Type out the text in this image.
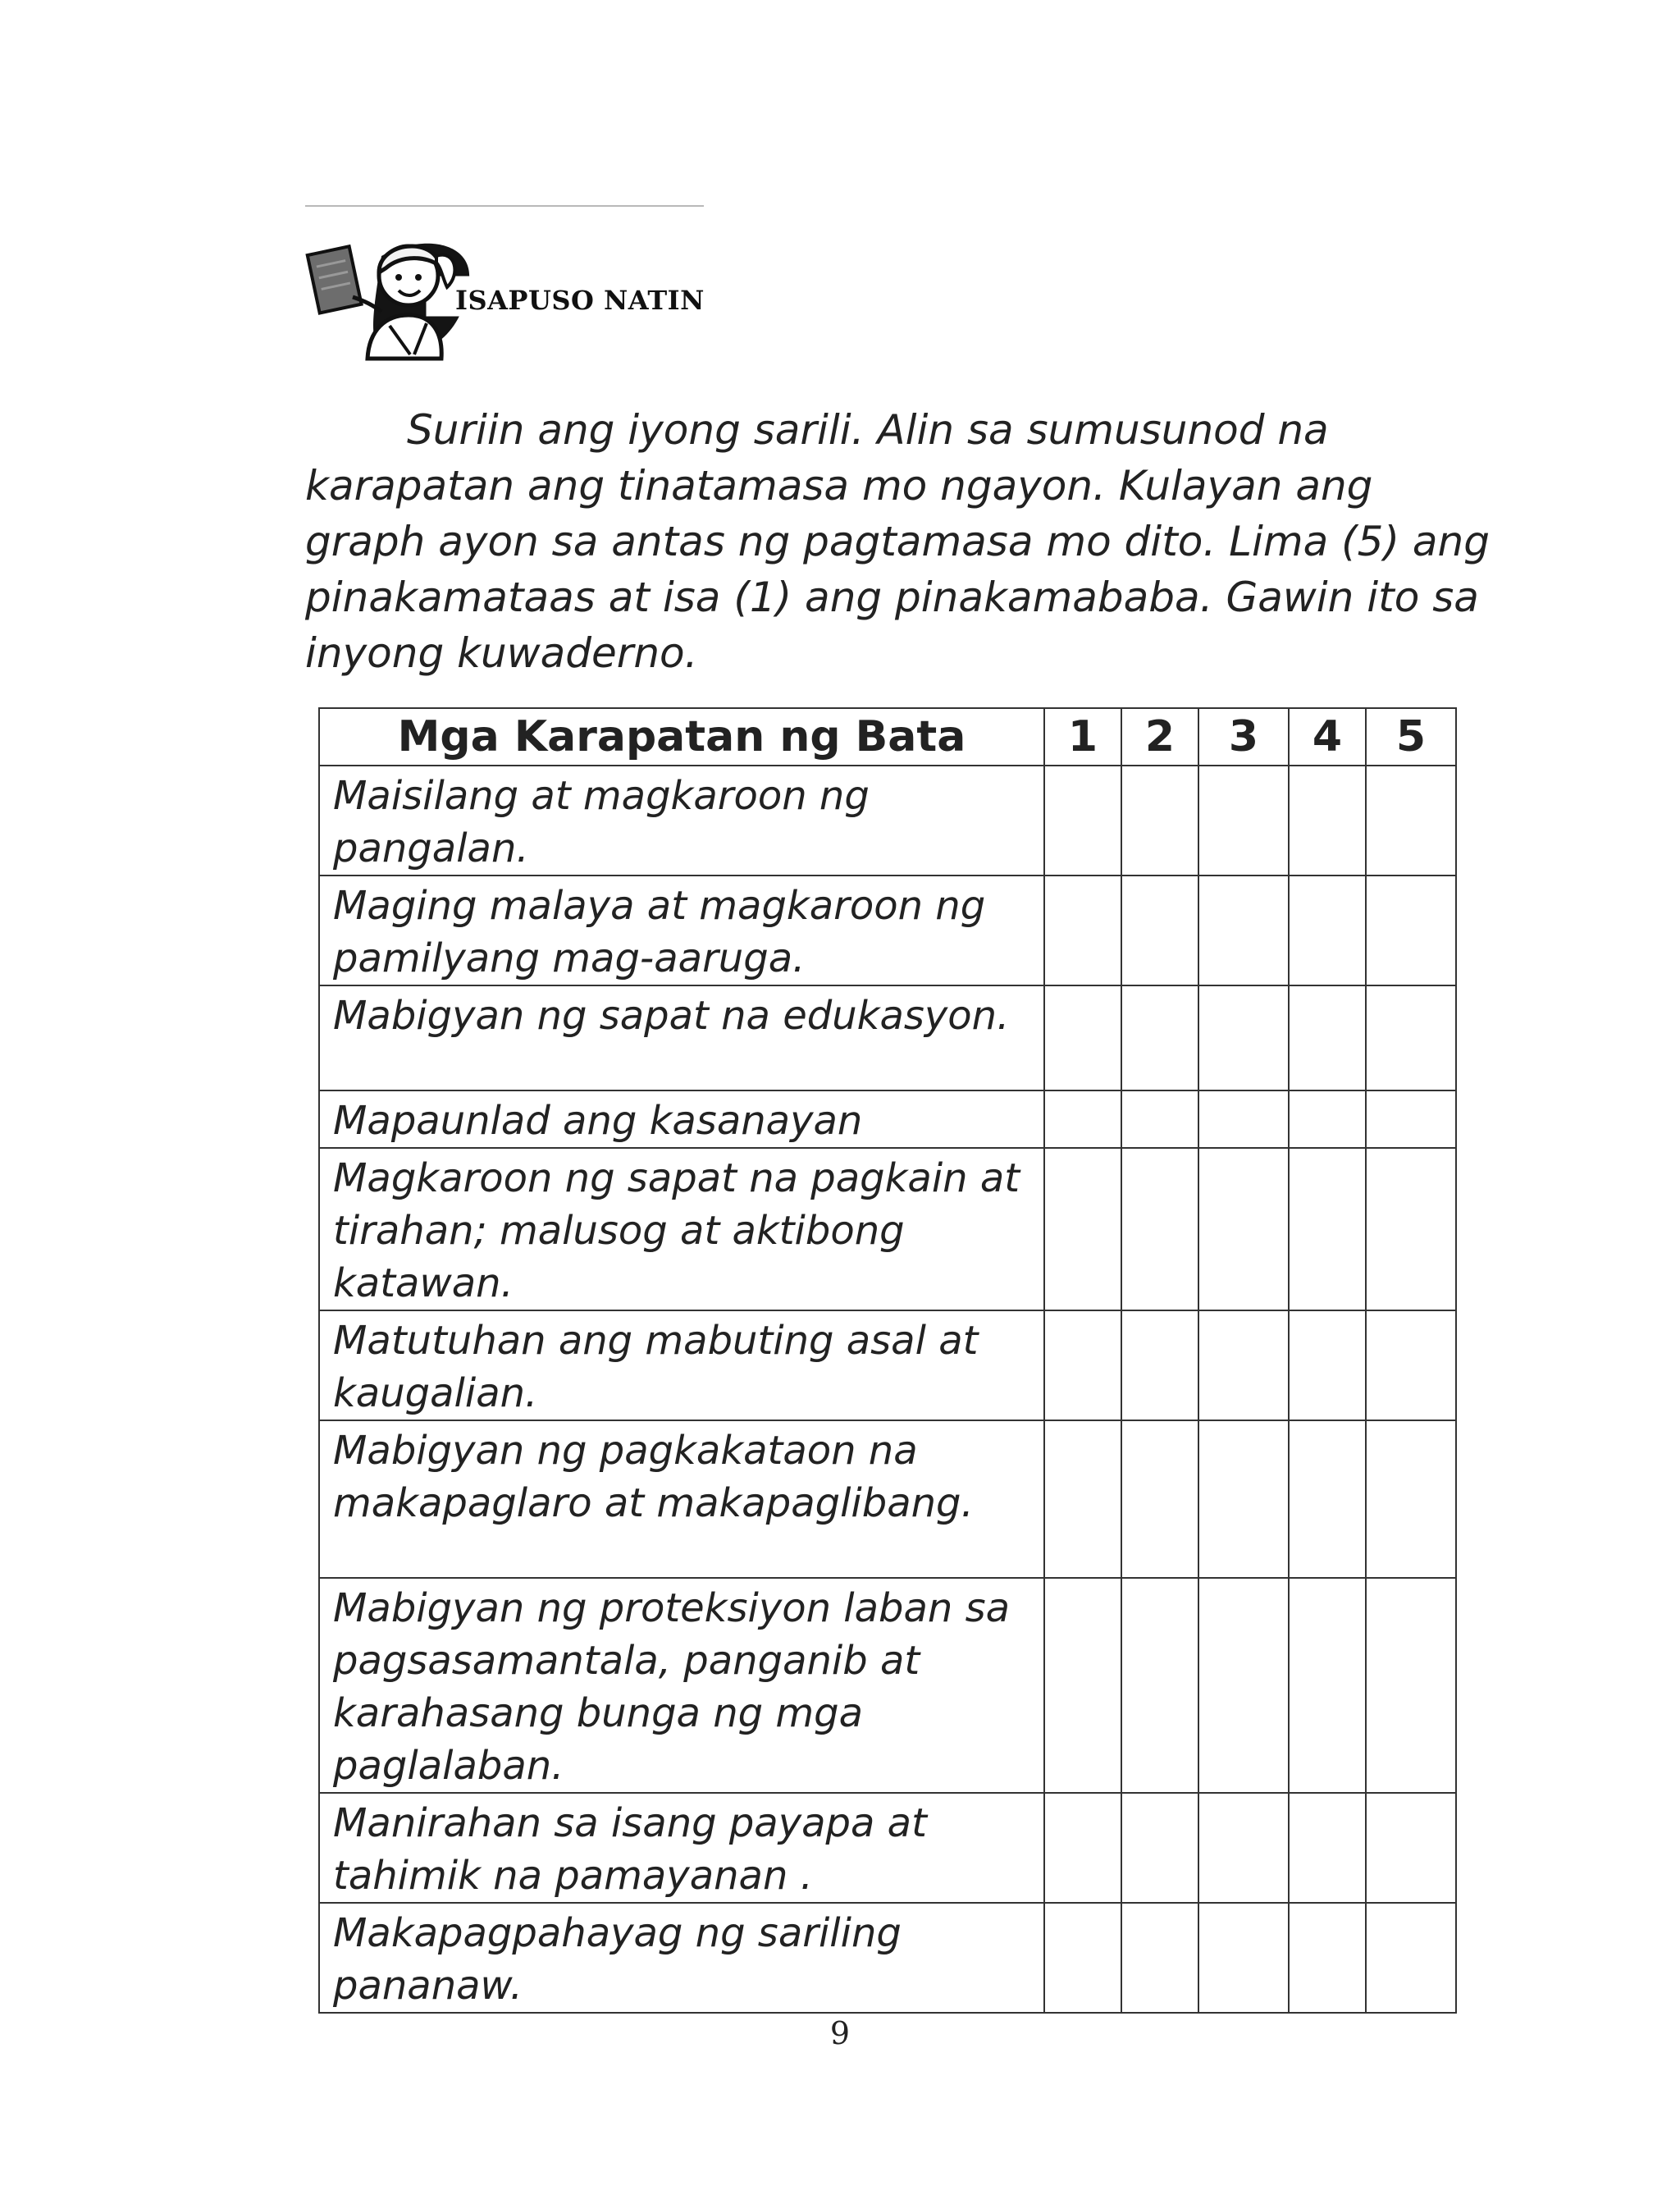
ISAPUSO NATIN

Suriin ang iyong sarili. Alin sa sumusunod na karapatan ang tinatamasa mo ngayon. Kulayan ang graph ayon sa antas ng pagtamasa mo dito. Lima (5) ang pinakamataas at isa (1) ang pinakamababa. Gawin ito sa inyong kuwaderno.

Mga Karapatan ng Bata	1	2	3	4	5
Maisilang at magkaroon ng pangalan.					
Maging malaya at magkaroon ng pamilyang mag-aaruga.					
Mabigyan ng sapat na edukasyon.					
Mapaunlad ang kasanayan					
Magkaroon ng sapat na pagkain at tirahan; malusog at aktibong katawan.					
Matutuhan ang mabuting asal at kaugalian.					
Mabigyan ng pagkakataon na makapaglaro at makapaglibang.					
Mabigyan ng proteksiyon laban sa pagsasamantala, panganib at karahasang bunga ng mga paglalaban.					
Manirahan sa isang payapa at tahimik na pamayanan .					
Makapagpahayag ng sariling pananaw.					
9
